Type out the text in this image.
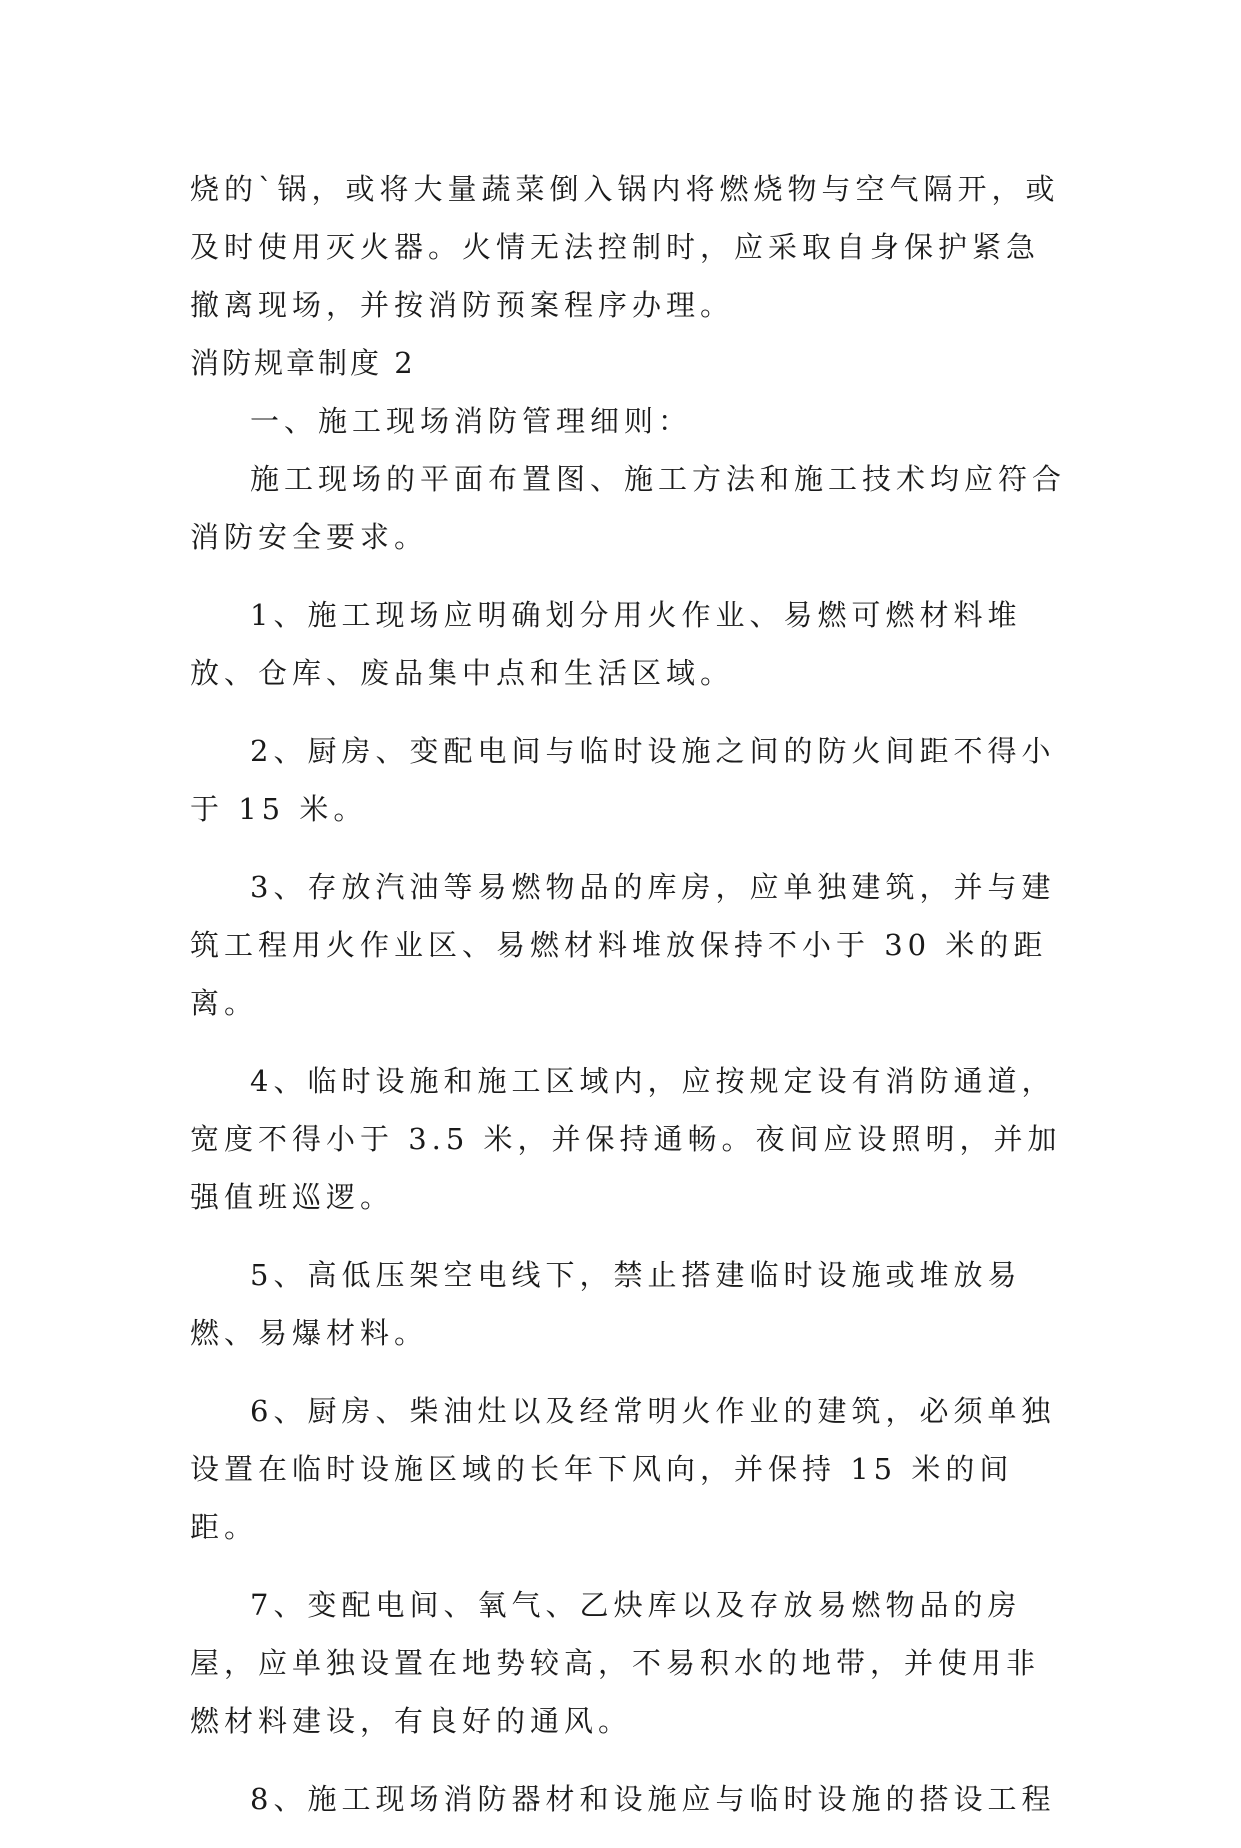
烧的`锅，或将大量蔬菜倒入锅内将燃烧物与空气隔开，或及时使用灭火器。火情无法控制时，应采取自身保护紧急撤离现场，并按消防预案程序办理。

消防规章制度 2

一、施工现场消防管理细则：

施工现场的平面布置图、施工方法和施工技术均应符合消防安全要求。

1、施工现场应明确划分用火作业、易燃可燃材料堆放、仓库、废品集中点和生活区域。

2、厨房、变配电间与临时设施之间的防火间距不得小于 15 米。

3、存放汽油等易燃物品的库房，应单独建筑，并与建筑工程用火作业区、易燃材料堆放保持不小于 30 米的距离。

4、临时设施和施工区域内，应按规定设有消防通道，宽度不得小于 3.5 米，并保持通畅。夜间应设照明，并加强值班巡逻。

5、高低压架空电线下，禁止搭建临时设施或堆放易燃、易爆材料。

6、厨房、柴油灶以及经常明火作业的建筑，必须单独设置在临时设施区域的长年下风向，并保持 15 米的间距。

7、变配电间、氧气、乙炔库以及存放易燃物品的房屋，应单独设置在地势较高，不易积水的地带，并使用非燃材料建设，有良好的通风。

8、施工现场消防器材和设施应与临时设施的搭设工程
